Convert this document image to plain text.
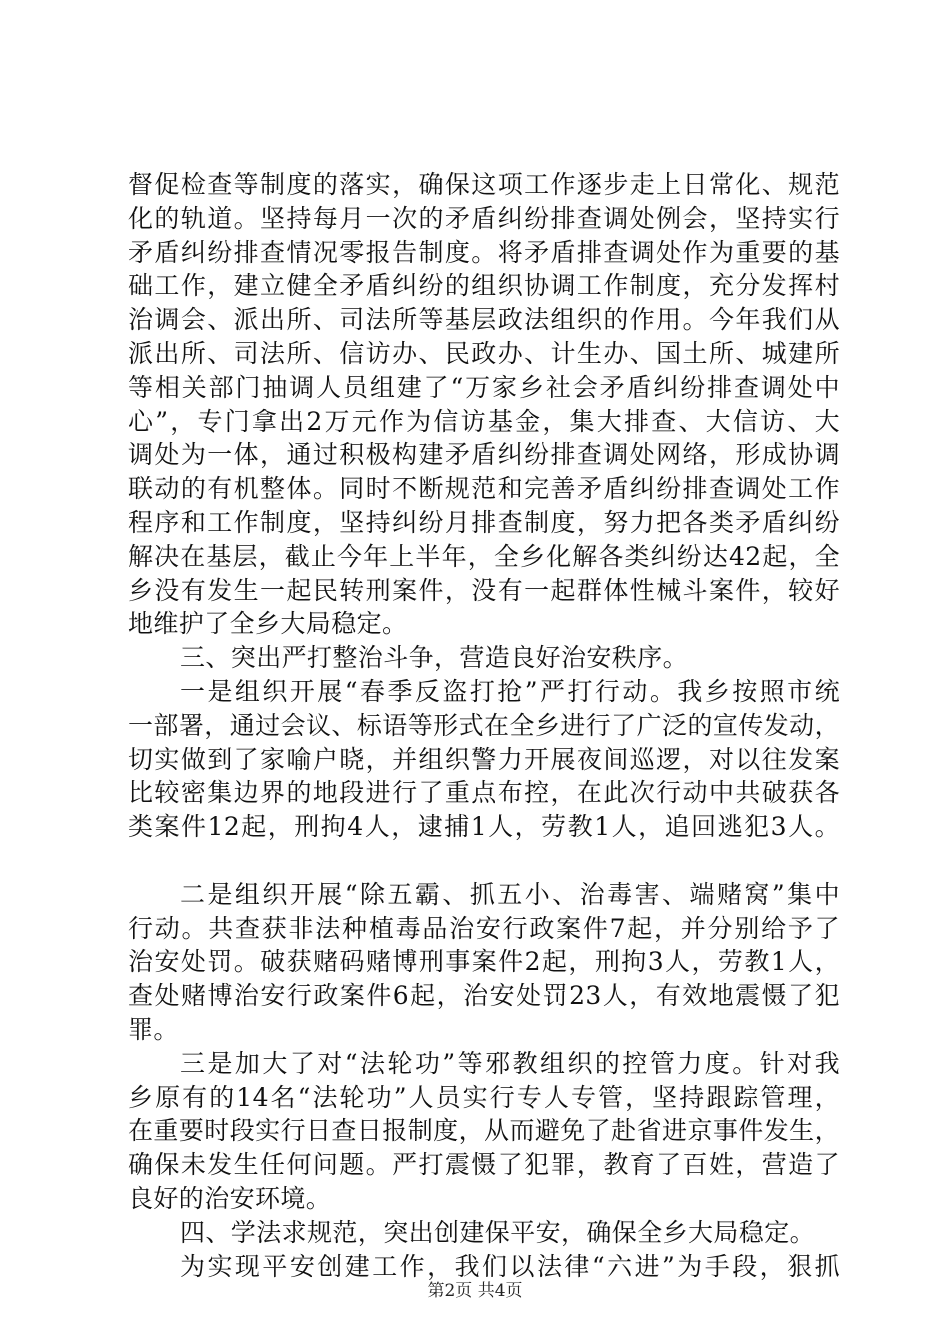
督促检查等制度的落实，确保这项工作逐步走上日常化、规范
化的轨道。坚持每月一次的矛盾纠纷排查调处例会，坚持实行
矛盾纠纷排查情况零报告制度。将矛盾排查调处作为重要的基
础工作，建立健全矛盾纠纷的组织协调工作制度，充分发挥村
治调会、派出所、司法所等基层政法组织的作用。今年我们从
派出所、司法所、信访办、民政办、计生办、国土所、城建所
等相关部门抽调人员组建了“万家乡社会矛盾纠纷排查调处中
心”，专门拿出2万元作为信访基金，集大排查、大信访、大
调处为一体，通过积极构建矛盾纠纷排查调处网络，形成协调
联动的有机整体。同时不断规范和完善矛盾纠纷排查调处工作
程序和工作制度，坚持纠纷月排查制度，努力把各类矛盾纠纷
解决在基层，截止今年上半年，全乡化解各类纠纷达42起，全
乡没有发生一起民转刑案件，没有一起群体性械斗案件，较好
地维护了全乡大局稳定。
三、突出严打整治斗争，营造良好治安秩序。
一是组织开展“春季反盗打抢”严打行动。我乡按照市统
一部署，通过会议、标语等形式在全乡进行了广泛的宣传发动，
切实做到了家喻户晓，并组织警力开展夜间巡逻，对以往发案
比较密集边界的地段进行了重点布控，在此次行动中共破获各
类案件12起，刑拘4人，逮捕1人，劳教1人，追回逃犯3人。
二是组织开展“除五霸、抓五小、治毒害、端赌窝”集中
行动。共查获非法种植毒品治安行政案件7起，并分别给予了
治安处罚。破获赌码赌博刑事案件2起，刑拘3人，劳教1人，
查处赌博治安行政案件6起，治安处罚23人，有效地震慑了犯
罪。
三是加大了对“法轮功”等邪教组织的控管力度。针对我
乡原有的14名“法轮功”人员实行专人专管，坚持跟踪管理，
在重要时段实行日查日报制度，从而避免了赴省进京事件发生，
确保未发生任何问题。严打震慑了犯罪，教育了百姓，营造了
良好的治安环境。
四、学法求规范，突出创建保平安，确保全乡大局稳定。
为实现平安创建工作，我们以法律“六进”为手段，狠抓
第2页 共4页
